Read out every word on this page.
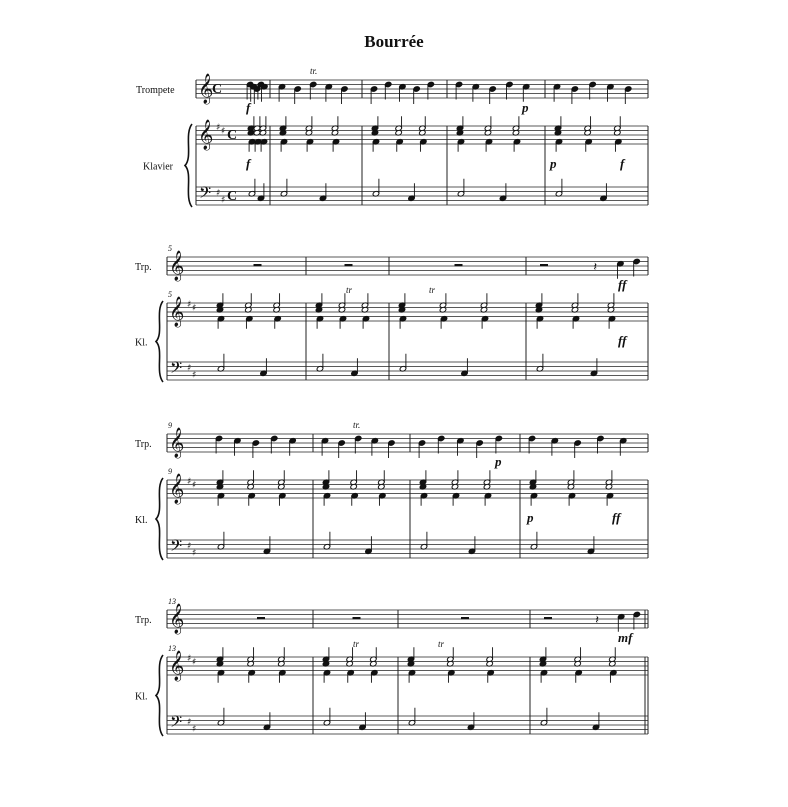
Bourrée
𝄞
𝄞
𝄢
♯ ♯
♯
♯
C
C
C
Trompete
Klavier
tr.
f	p
f	p	f
𝄞
𝄞
𝄢
♯ ♯
♯
♯
Trp.
Kl.
5
5
𝄽
tr	tr	ff
ff
𝄞
𝄞
𝄢
♯ ♯
♯
♯
Trp.
Kl.
9
9
tr.
p
p	ff
𝄞
𝄞
𝄢
♯ ♯
♯
♯
Trp.
Kl.
13
13
𝄽
tr	tr	mf
